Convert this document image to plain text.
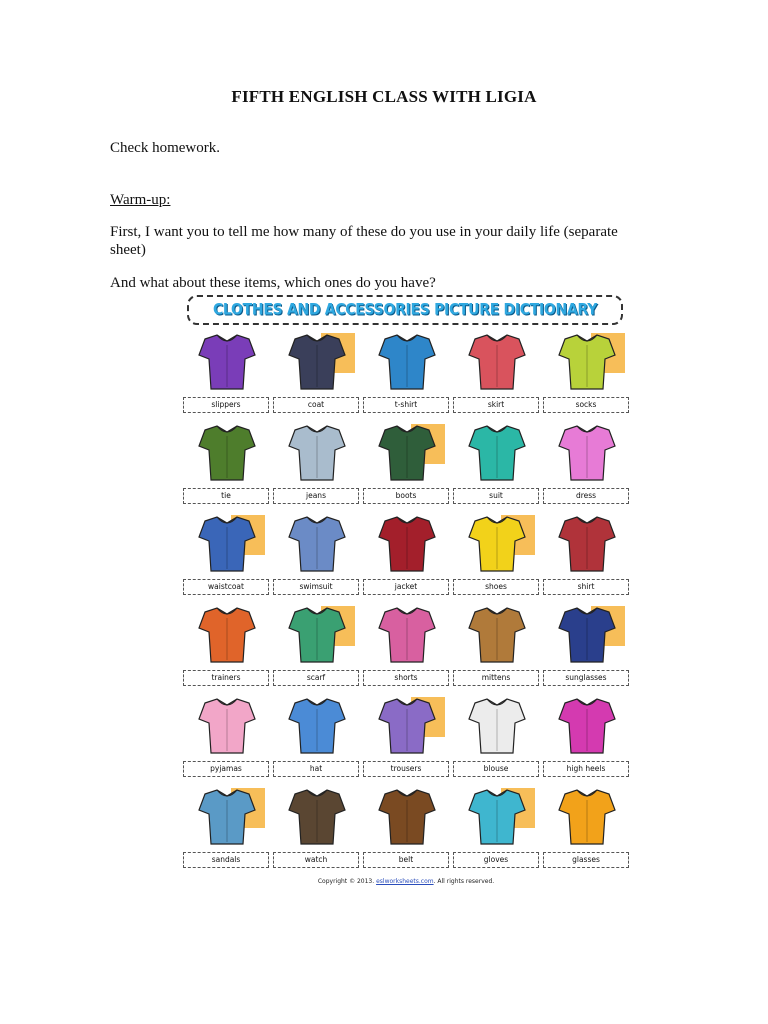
FIFTH ENGLISH CLASS WITH LIGIA
Check homework.
Warm-up:
First, I want you to tell me how many of these do you use in your daily life (separate sheet)
And what about these items, which ones do you have?
CLOTHES AND ACCESSORIES PICTURE DICTIONARY
slippers	coat	t-shirt	skirt	socks
tie	jeans	boots	suit	dress
waistcoat	swimsuit	jacket	shoes	shirt
trainers	scarf	shorts	mittens	sunglasses
pyjamas	hat	trousers	blouse	high heels
sandals	watch	belt	gloves	glasses
Copyright © 2013. eslworksheets.com. All rights reserved.
